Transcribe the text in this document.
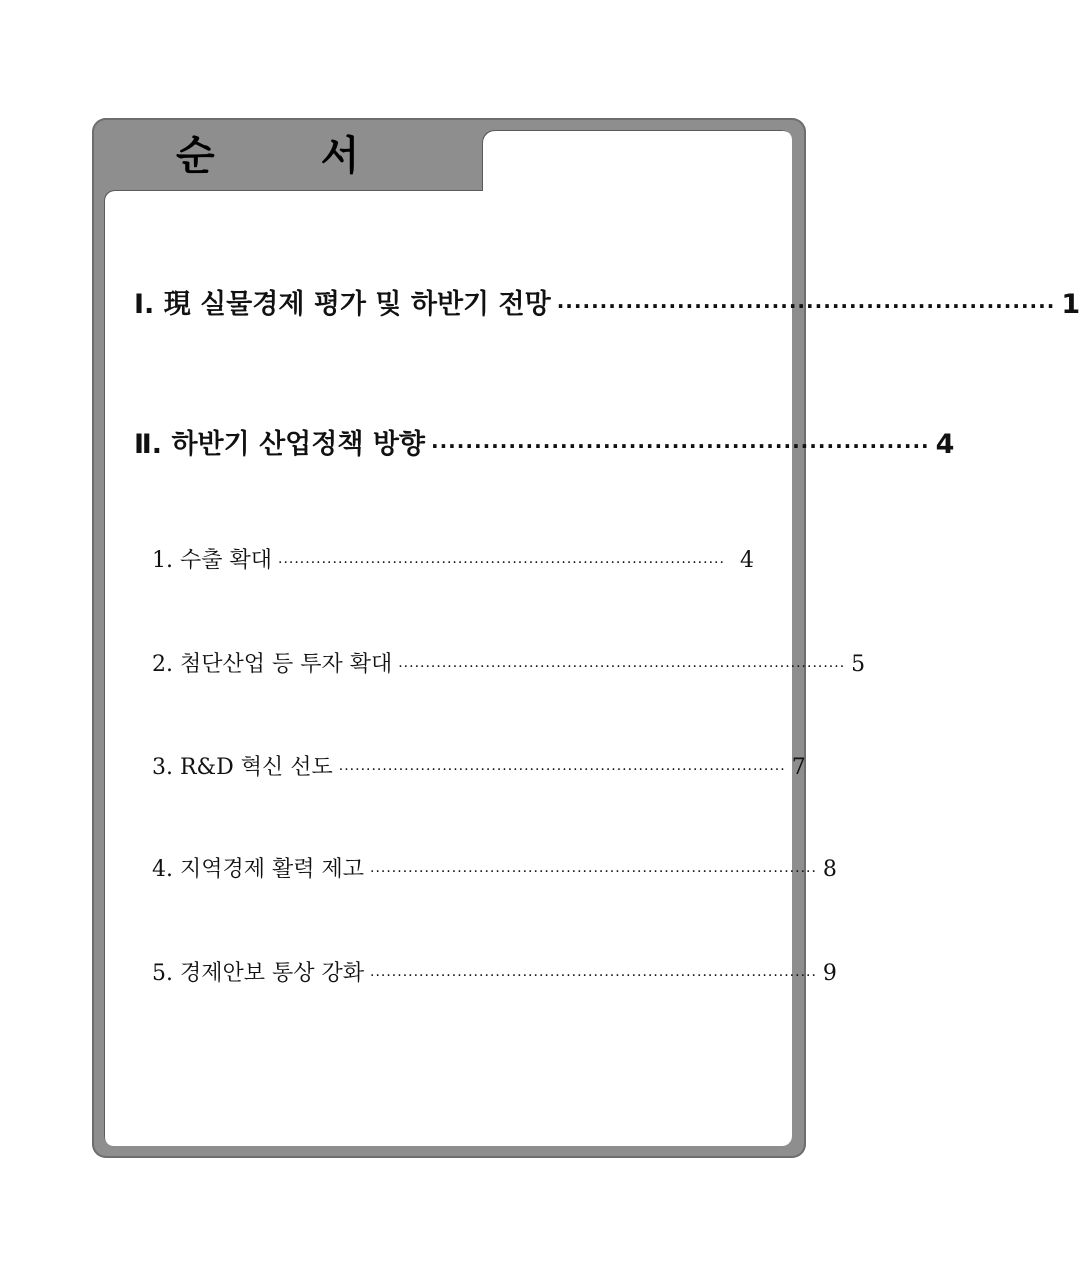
순 서
Ⅰ. 現 실물경제 평가 및 하반기 전망 ·························································· 1
Ⅱ. 하반기 산업정책 방향 ·························································· 4
1. 수출 확대 ·················································································· 4
2. 첨단산업 등 투자 확대 ·················································································· 5
3. R&D 혁신 선도 ·················································································· 7
4. 지역경제 활력 제고 ·················································································· 8
5. 경제안보 통상 강화 ·················································································· 9
